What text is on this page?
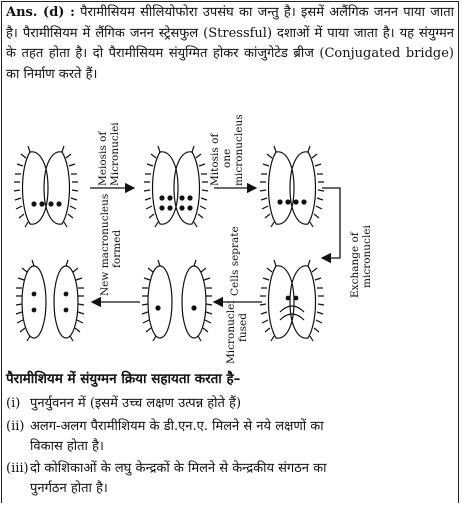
Ans. (d) : पैरामीसियम सीलियोफोरा उपसंघ का जन्तु है। इसमें अलैंगिक जनन पाया जाता है। पैरामीसियम में लैंगिक जनन स्ट्रेसफुल (Stressful) दशाओं में पाया जाता है। यह संयुग्मन के तहत होता है। दो पैरामीसियम संयुग्मित होकर कांजुगेटेड ब्रीज (Conjugated bridge) का निर्माण करते हैं।

Meiosis of Micronuclei	Mitosis of one micronucleus
Exchange of micronuclei
Micronuclei fused
Cells seprate
New macronucleus formed

पैरामीशियम में संयुग्मन क्रिया सहायता करता है–

(i) पुनर्युवनन में (इसमें उच्च लक्षण उत्पन्न होते हैं)

(ii) अलग-अलग पैरामीशियम के डी.एन.ए. मिलने से नये लक्षणों का
विकास होता है।

(iii)दो कोशिकाओं के लघु केन्द्रकों के मिलने से केन्द्रकीय संगठन का
पुनर्गठन होता है।
